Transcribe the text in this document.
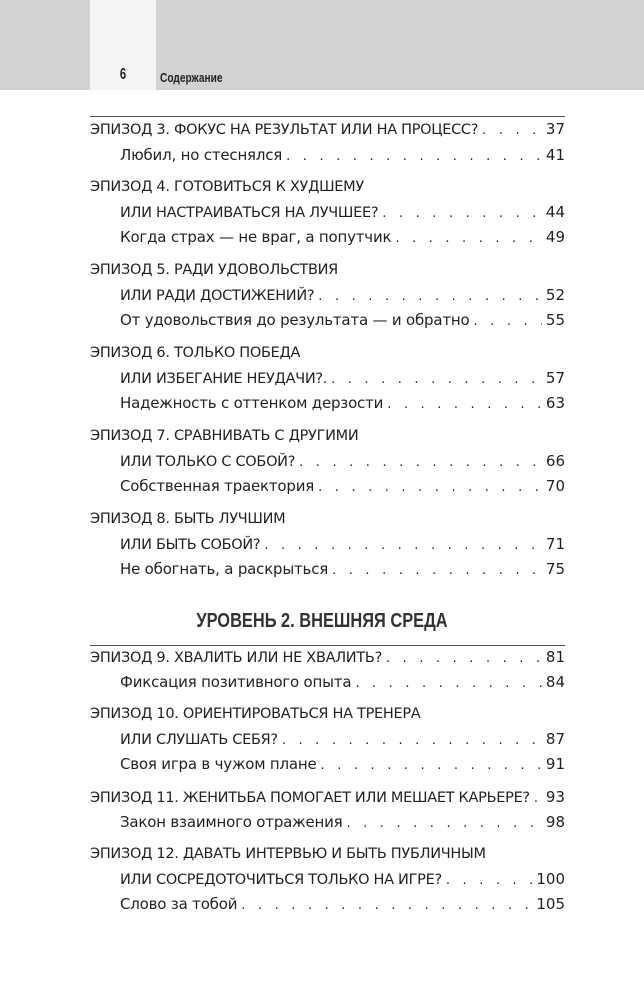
6	Содержание
УРОВЕНЬ 2. ВНЕШНЯЯ СРЕДА
ЭПИЗОД 3. ФОКУС НА РЕЗУЛЬТАТ ИЛИ НА ПРОЦЕСС? . . .	37
Любил, но стеснялся . . .	41
ЭПИЗОД 4. ГОТОВИТЬСЯ К ХУДШЕМУ
ИЛИ НАСТРАИВАТЬСЯ НА ЛУЧШЕЕ? . . .	44
Когда страх — не враг, а попутчик . . .	49
ЭПИЗОД 5. РАДИ УДОВОЛЬСТВИЯ
ИЛИ РАДИ ДОСТИЖЕНИЙ? . . .	52
От удовольствия до результата — и обратно . . .	55
ЭПИЗОД 6. ТОЛЬКО ПОБЕДА
ИЛИ ИЗБЕГАНИЕ НЕУДАЧИ?. . . .	57
Надежность с оттенком дерзости . . .	63
ЭПИЗОД 7. СРАВНИВАТЬ С ДРУГИМИ
ИЛИ ТОЛЬКО С СОБОЙ? . . .	66
Собственная траектория . . .	70
ЭПИЗОД 8. БЫТЬ ЛУЧШИМ
ИЛИ БЫТЬ СОБОЙ? . . .	71
Не обогнать, а раскрыться . . .	75
ЭПИЗОД 9. ХВАЛИТЬ ИЛИ НЕ ХВАЛИТЬ? . . .	81
Фиксация позитивного опыта . . .	84
ЭПИЗОД 10. ОРИЕНТИРОВАТЬСЯ НА ТРЕНЕРА
ИЛИ СЛУШАТЬ СЕБЯ? . . .	87
Своя игра в чужом плане . . .	91
ЭПИЗОД 11. ЖЕНИТЬБА ПОМОГАЕТ ИЛИ МЕШАЕТ КАРЬЕРЕ? . . . 93
Закон взаимного отражения . . .	98
ЭПИЗОД 12. ДАВАТЬ ИНТЕРВЬЮ И БЫТЬ ПУБЛИЧНЫМ
ИЛИ СОСРЕДОТОЧИТЬСЯ ТОЛЬКО НА ИГРЕ? . . .	100
Слово за тобой . . .	105
